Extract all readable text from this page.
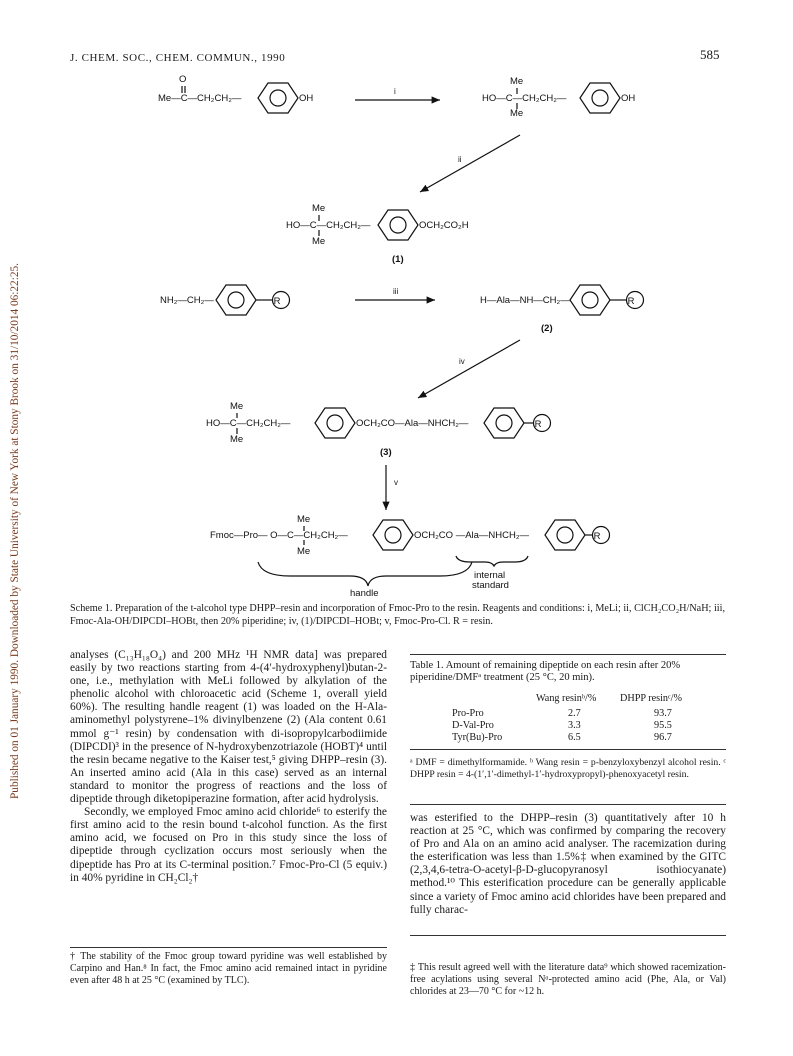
Published on 01 January 1990. Downloaded by State University of New York at Stony Brook on 31/10/2014 06:22:25.
J. CHEM. SOC., CHEM. COMMUN., 1990	585
R	R
R
R
O
Me—C—CH₂CH₂—	OH
i
Me
HO—C—CH₂CH₂—
Me
OH
ii
Me
HO—C—CH₂CH₂—
Me
OCH₂CO₂H
(1)
NH₂—CH₂—
iii
H—Ala—NH—CH₂—
(2)
iv
Me
HO—C—CH₂CH₂—
Me
OCH₂CO—Ala—NHCH₂—
(3)
v
Me
Fmoc—Pro— O—C—CH₂CH₂—
Me
OCH₂CO —Ala—NHCH₂—
handle
internal
standard
Scheme 1. Preparation of the t-alcohol type DHPP–resin and incorporation of Fmoc-Pro to the resin. Reagents and conditions: i, MeLi; ii, ClCH₂CO₂H/NaH; iii, Fmoc-Ala-OH/DIPCDI–HOBt, then 20% piperidine; iv, (1)/DIPCDI–HOBt; v, Fmoc-Pro-Cl. R = resin.

analyses (C₁₃H₁₈O₄) and 200 MHz ¹H NMR data] was prepared easily by two reactions starting from 4-(4′-hydroxyphenyl)butan-2-one, i.e., methylation with MeLi followed by alkylation of the phenolic alcohol with chloroacetic acid (Scheme 1, overall yield 60%). The resulting handle reagent (1) was loaded on the H-Ala-aminomethyl polystyrene–1% divinylbenzene (2) (Ala content 0.61 mmol g⁻¹ resin) by condensation with di-isopropylcarbodiimide (DIPCDI)³ in the presence of N-hydroxybenzotriazole (HOBT)⁴ until the resin became negative to the Kaiser test,⁵ giving DHPP–resin (3). An inserted amino acid (Ala in this case) served as an internal standard to monitor the progress of reactions and the loss of dipeptide through diketopiperazine formation, after acid hydrolysis.

Secondly, we employed Fmoc amino acid chloride⁶ to esterify the first amino acid to the resin bound t-alcohol function. As the first amino acid, we focused on Pro in this study since the loss of dipeptide through cyclization occurs most seriously when the dipeptide has Pro at its C-terminal position.⁷ Fmoc-Pro-Cl (5 equiv.) in 40% pyridine in CH₂Cl₂†

† The stability of the Fmoc group toward pyridine was well established by Carpino and Han.⁸ In fact, the Fmoc amino acid remained intact in pyridine even after 48 h at 25 °C (examined by TLC).
Table 1. Amount of remaining dipeptide on each resin after 20% piperidine/DMFᵃ treatment (25 °C, 20 min).
Wang resinᵇ/% DHPP resinᶜ/%
Pro-Pro	2.7	93.7
D-Val-Pro	3.3	95.5
Tyr(Bu)-Pro	6.5	96.7
ᵃ DMF = dimethylformamide. ᵇ Wang resin = p-benzyloxybenzyl alcohol resin. ᶜ DHPP resin = 4-(1′,1′-dimethyl-1′-hydroxypropyl)-phenoxyacetyl resin.

was esterified to the DHPP–resin (3) quantitatively after 10 h reaction at 25 °C, which was confirmed by comparing the recovery of Pro and Ala on an amino acid analyser. The racemization during the esterification was less than 1.5%‡ when examined by the GITC (2,3,4,6-tetra-O-acetyl-β-D-glucopyranosyl isothiocyanate) method.¹⁰ This esterification procedure can be generally applicable since a variety of Fmoc amino acid chlorides have been prepared and fully charac-

‡ This result agreed well with the literature data⁹ which showed racemization-free acylations using several Nᵅ-protected amino acid (Phe, Ala, or Val) chlorides at 23—70 °C for ~12 h.
